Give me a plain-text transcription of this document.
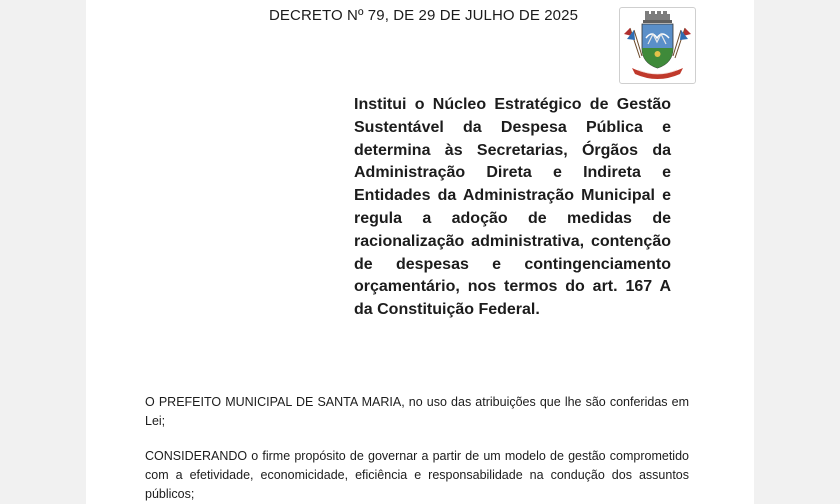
DECRETO Nº 79, DE 29 DE JULHO DE 2025
Institui o Núcleo Estratégico de Gestão Sustentável da Despesa Pública e determina às Secretarias, Órgãos da Administração Direta e Indireta e Entidades da Administração Municipal e regula a adoção de medidas de racionalização administrativa, contenção de despesas e contingenciamento orçamentário, nos termos do art. 167 A da Constituição Federal.
O PREFEITO MUNICIPAL DE SANTA MARIA, no uso das atribuições que lhe são conferidas em Lei;
CONSIDERANDO o firme propósito de governar a partir de um modelo de gestão comprometido com a efetividade, economicidade, eficiência e responsabilidade na condução dos assuntos públicos;
